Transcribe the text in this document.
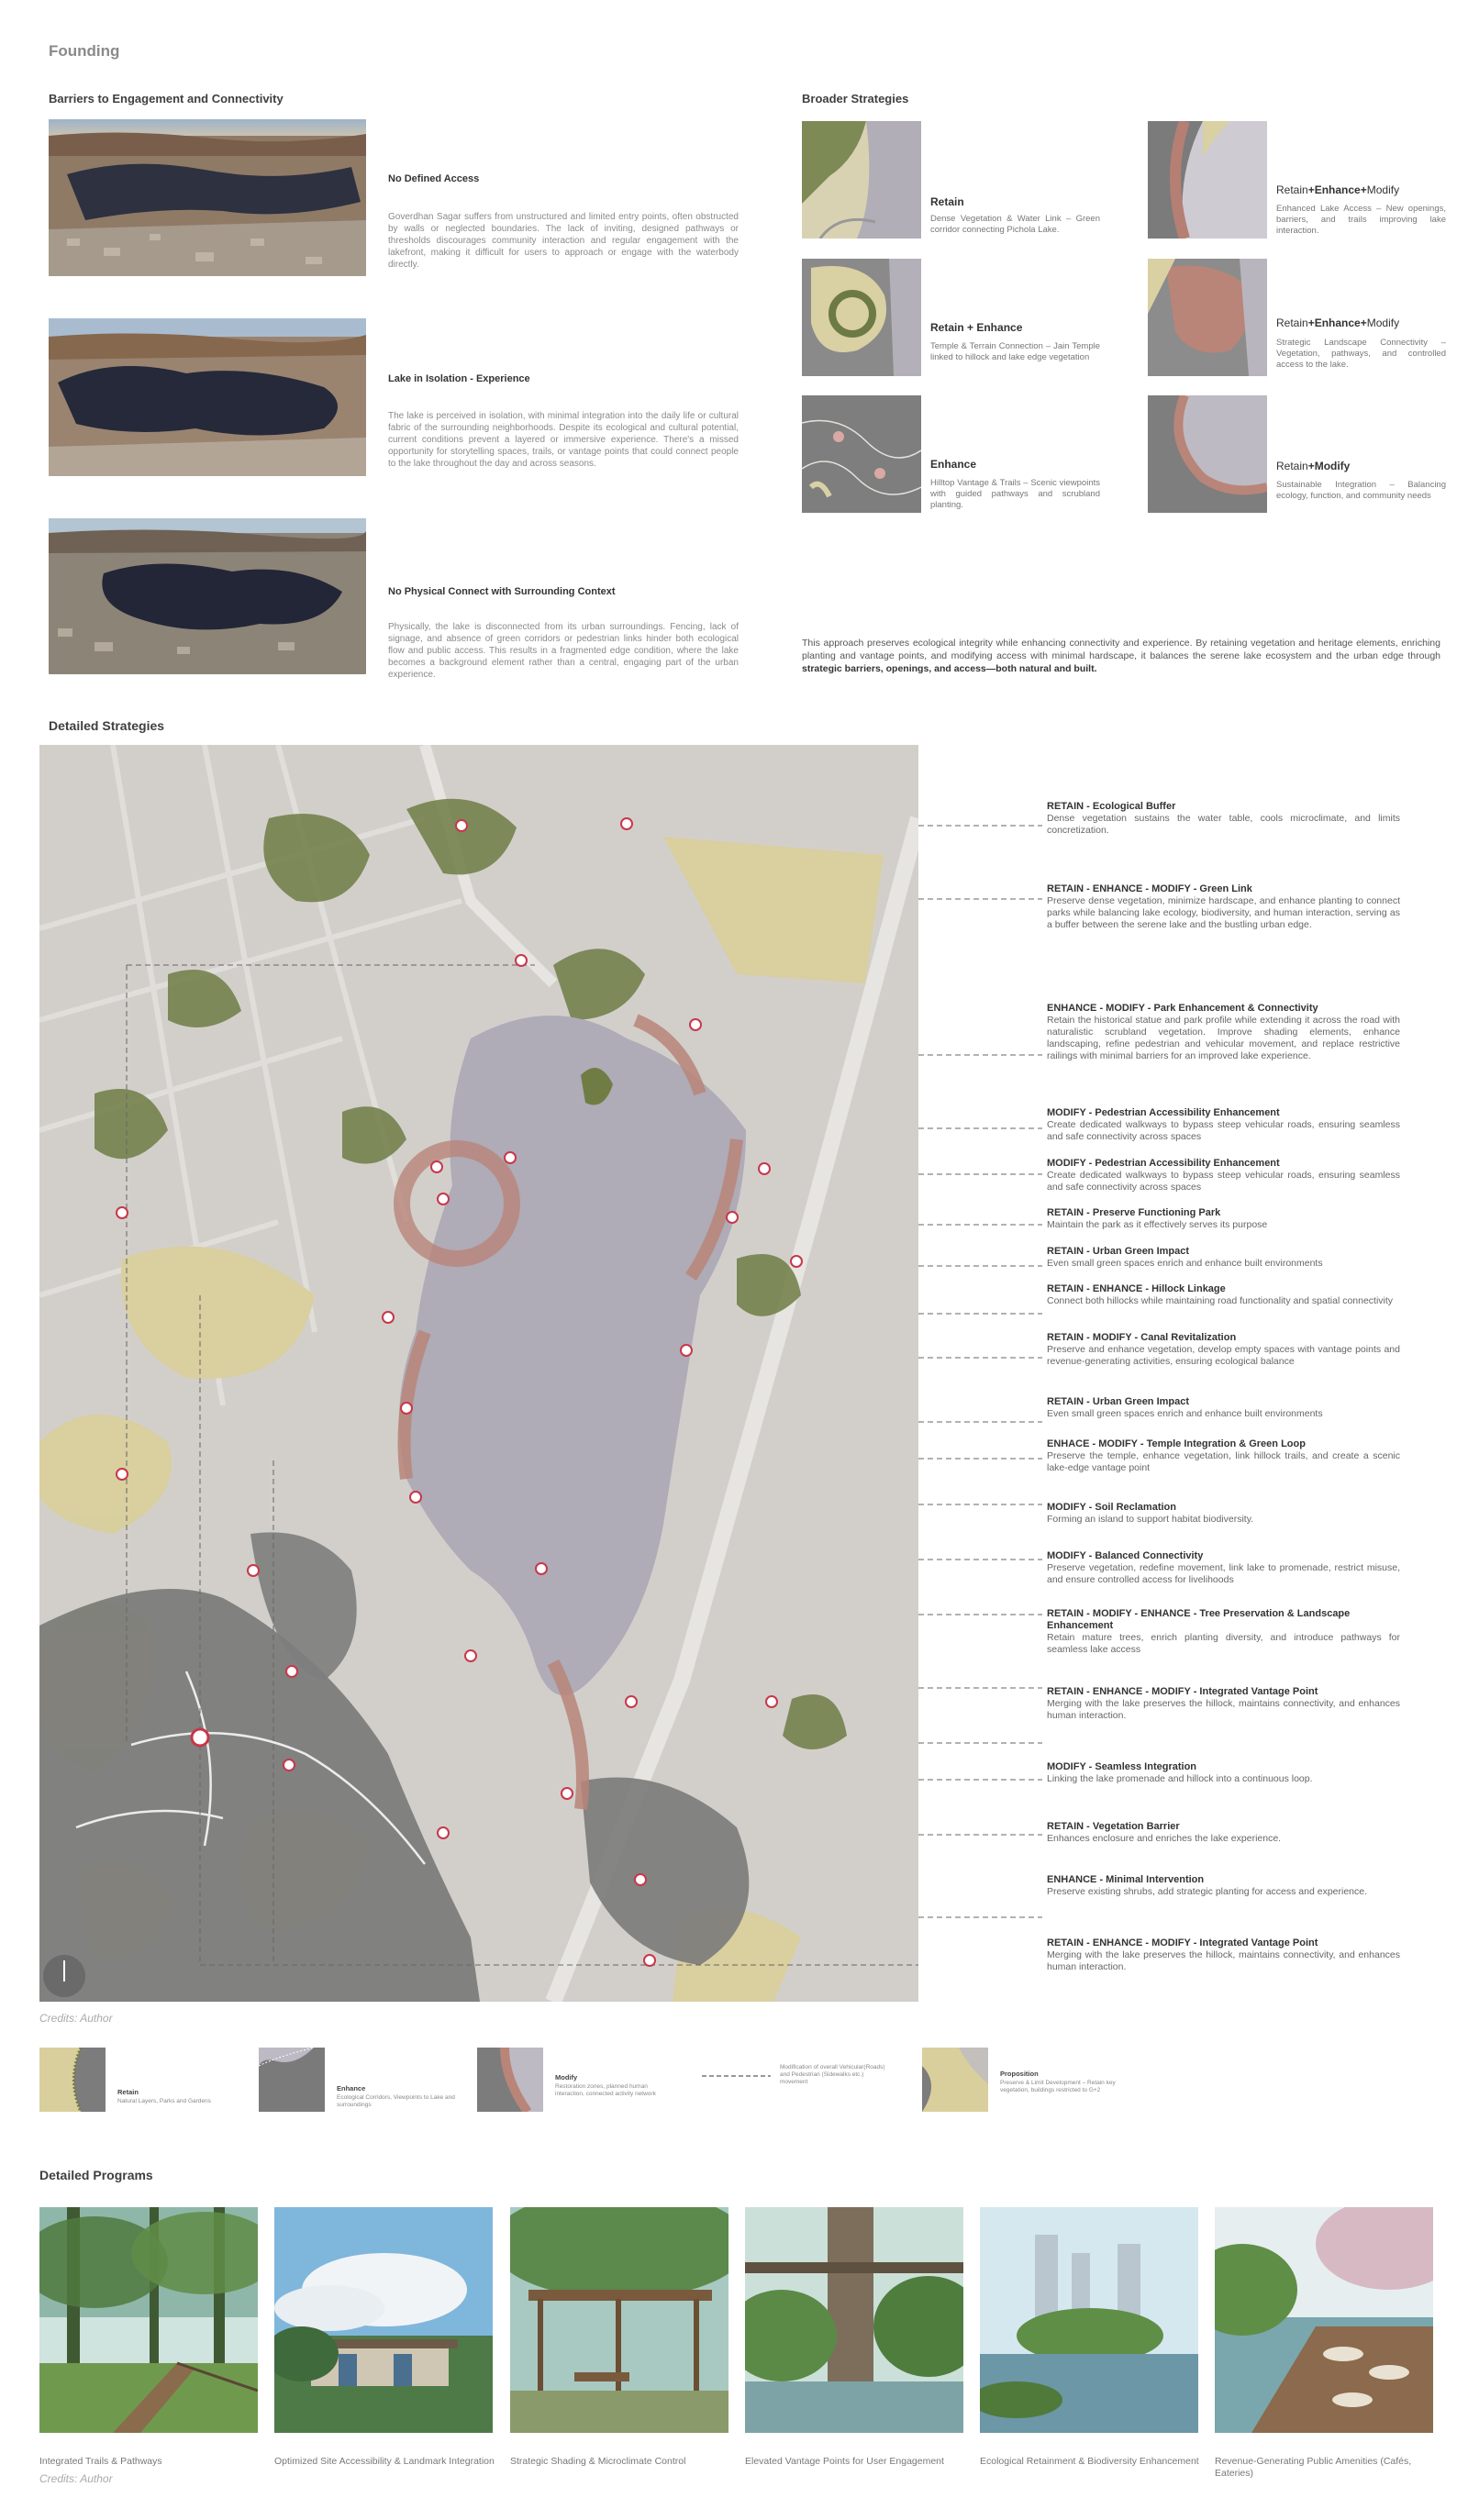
Founding
Barriers to Engagement and Connectivity
No Defined Access
Goverdhan Sagar suffers from unstructured and limited entry points, often obstructed by walls or neglected boundaries. The lack of inviting, designed pathways or thresholds discourages community interaction and regular engagement with the lakefront, making it difficult for users to approach or engage with the waterbody directly.
Lake in Isolation - Experience
The lake is perceived in isolation, with minimal integration into the daily life or cultural fabric of the surrounding neighborhoods. Despite its ecological and cultural potential, current conditions prevent a layered or immersive experience. There's a missed opportunity for storytelling spaces, trails, or vantage points that could connect people to the lake throughout the day and across seasons.
No Physical Connect with Surrounding Context
Physically, the lake is disconnected from its urban surroundings. Fencing, lack of signage, and absence of green corridors or pedestrian links hinder both ecological flow and public access. This results in a fragmented edge condition, where the lake becomes a background element rather than a central, engaging part of the urban experience.
Broader Strategies
Retain
Dense Vegetation & Water Link – Green corridor connecting Pichola Lake.
Retain + Enhance
Temple & Terrain Connection – Jain Temple linked to hillock and lake edge vegetation
Enhance
Hilltop Vantage & Trails – Scenic viewpoints with guided pathways and scrubland planting.
Retain+Enhance+Modify
Enhanced Lake Access – New openings, barriers, and trails improving lake interaction.
Retain+Enhance+Modify
Strategic Landscape Connectivity – Vegetation, pathways, and controlled access to the lake.
Retain+Modify
Sustainable Integration – Balancing ecology, function, and community needs
This approach preserves ecological integrity while enhancing connectivity and experience. By retaining vegetation and heritage elements, enriching planting and vantage points, and modifying access with minimal hardscape, it balances the serene lake ecosystem and the urban edge through strategic barriers, openings, and access—both natural and built.
Detailed Strategies
RETAIN - Ecological Buffer
Dense vegetation sustains the water table, cools microclimate, and limits concretization.
RETAIN - ENHANCE - MODIFY - Green Link
Preserve dense vegetation, minimize hardscape, and enhance planting to connect parks while balancing lake ecology, biodiversity, and human interaction, serving as a buffer between the serene lake and the bustling urban edge.
ENHANCE - MODIFY - Park Enhancement & Connectivity
Retain the historical statue and park profile while extending it across the road with naturalistic scrubland vegetation. Improve shading elements, enhance landscaping, refine pedestrian and vehicular movement, and replace restrictive railings with minimal barriers for an improved lake experience.
MODIFY - Pedestrian Accessibility Enhancement
Create dedicated walkways to bypass steep vehicular roads, ensuring seamless and safe connectivity across spaces
MODIFY - Pedestrian Accessibility Enhancement
Create dedicated walkways to bypass steep vehicular roads, ensuring seamless and safe connectivity across spaces
RETAIN - Preserve Functioning Park
Maintain the park as it effectively serves its purpose
RETAIN - Urban Green Impact
Even small green spaces enrich and enhance built environments
RETAIN - ENHANCE - Hillock Linkage
Connect both hillocks while maintaining road functionality and spatial connectivity
RETAIN - MODIFY - Canal Revitalization
Preserve and enhance vegetation, develop empty spaces with vantage points and revenue-generating activities, ensuring ecological balance
RETAIN - Urban Green Impact
Even small green spaces enrich and enhance built environments
ENHACE - MODIFY - Temple Integration & Green Loop
Preserve the temple, enhance vegetation, link hillock trails, and create a scenic lake-edge vantage point
MODIFY - Soil Reclamation
Forming an island to support habitat biodiversity.
MODIFY - Balanced Connectivity
Preserve vegetation, redefine movement, link lake to promenade, restrict misuse, and ensure controlled access for livelihoods
RETAIN - MODIFY - ENHANCE - Tree Preservation & Landscape Enhancement
Retain mature trees, enrich planting diversity, and introduce pathways for seamless lake access
RETAIN - ENHANCE - MODIFY - Integrated Vantage Point
Merging with the lake preserves the hillock, maintains connectivity, and enhances human interaction.
MODIFY - Seamless Integration
Linking the lake promenade and hillock into a continuous loop.
RETAIN - Vegetation Barrier
Enhances enclosure and enriches the lake experience.
ENHANCE - Minimal Intervention
Preserve existing shrubs, add strategic planting for access and experience.
RETAIN - ENHANCE - MODIFY - Integrated Vantage Point
Merging with the lake preserves the hillock, maintains connectivity, and enhances human interaction.
Credits: Author
Retain
Natural Layers, Parks and Gardens
Enhance
Ecological Corridors, Viewpoints to Lake and surroundings
Modify
Restoration zones, planned human interaction, connected activity network
Modification of overall Vehicular(Roads) and Pedestrian (Sidewalks etc.) movement
Proposition
Preserve & Limit Development – Retain key vegetation, buildings restricted to G+2
Detailed Programs
Integrated Trails & Pathways	Optimized Site Accessibility & Landmark Integration Strategic Shading & Microclimate Control	Elevated Vantage Points for User Engagement	Ecological Retainment & Biodiversity Enhancement Revenue-Generating Public Amenities (Cafés, Eateries)
Credits: Author
